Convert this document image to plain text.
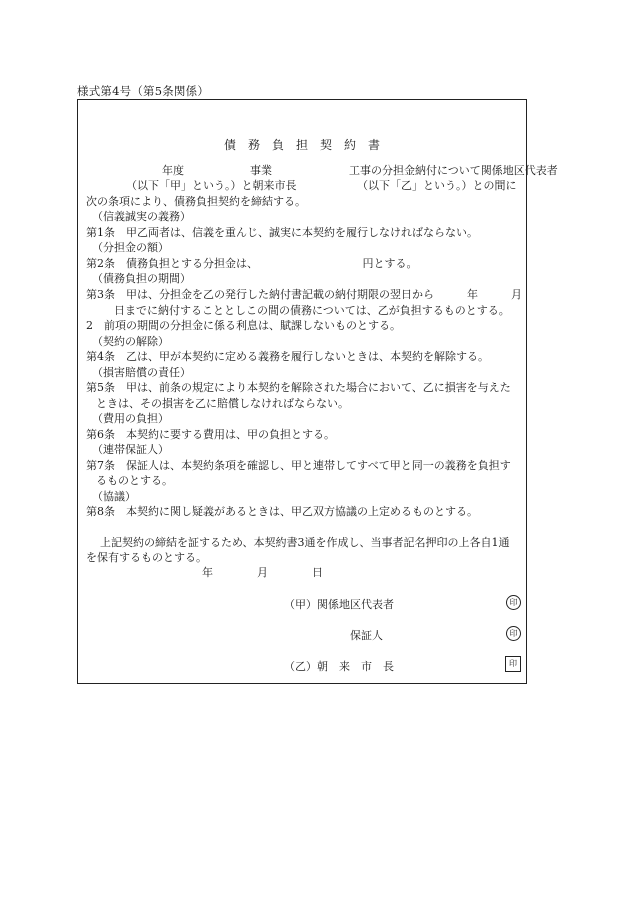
様式第4号（第5条関係）
債　務　負　担　契　約　書
年度　　　　　　事業　　　　　　　工事の分担金納付について関係地区代表者
（以下「甲」という。）と朝来市長　　　　　　（以下「乙」という。）との間に
次の条項により、債務負担契約を締結する。
（信義誠実の義務）
第1条　甲乙両者は、信義を重んじ、誠実に本契約を履行しなければならない。
（分担金の額）
第2条　債務負担とする分担金は、　　　　　　　　　　円とする。
（債務負担の期間）
第3条　甲は、分担金を乙の発行した納付書記載の納付期限の翌日から　　　年　　　月
日までに納付することとしこの間の債務については、乙が負担するものとする。
2　前項の期間の分担金に係る利息は、賦課しないものとする。
（契約の解除）
第4条　乙は、甲が本契約に定める義務を履行しないときは、本契約を解除する。
（損害賠償の責任）
第5条　甲は、前条の規定により本契約を解除された場合において、乙に損害を与えた
ときは、その損害を乙に賠償しなければならない。
（費用の負担）
第6条　本契約に要する費用は、甲の負担とする。
（連帯保証人）
第7条　保証人は、本契約条項を確認し、甲と連帯してすべて甲と同一の義務を負担す
るものとする。
（協議）
第8条　本契約に関し疑義があるときは、甲乙双方協議の上定めるものとする。
上記契約の締結を証するため、本契約書3通を作成し、当事者記名押印の上各自1通
を保有するものとする。
年　　　　月　　　　日
（甲）関係地区代表者	印
保証人	印
（乙）朝　来　市　長	印
